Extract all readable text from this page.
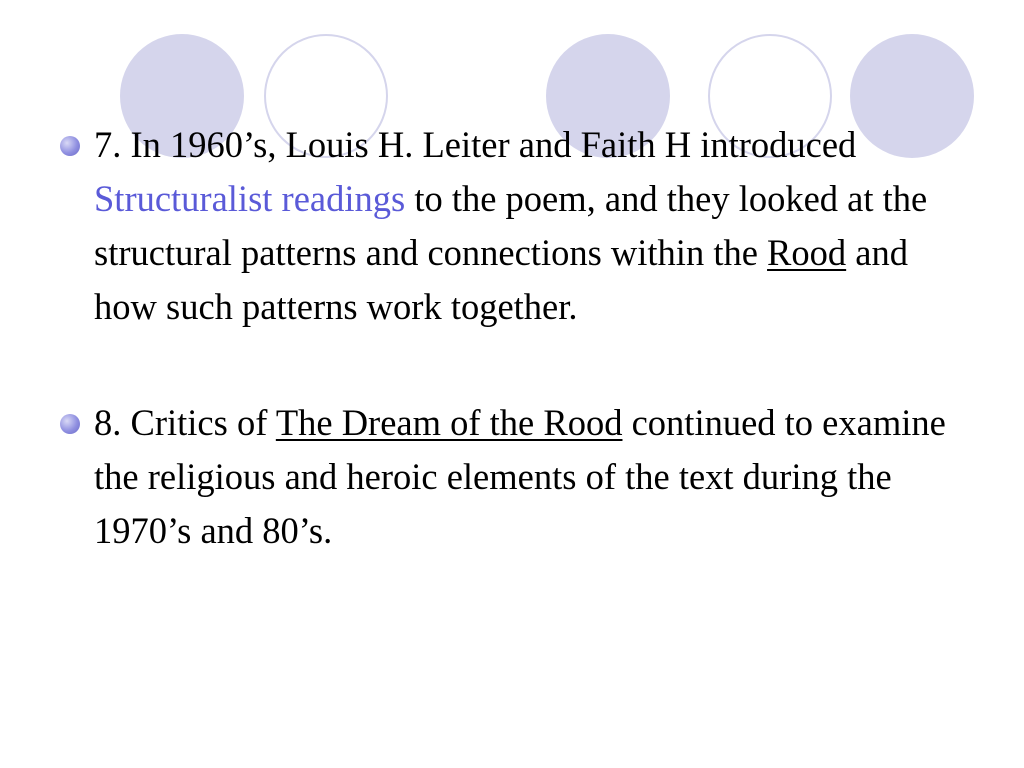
7. In 1960’s, Louis H. Leiter and Faith H introduced Structuralist readings to the poem, and they looked at the structural patterns and connections within the Rood and how such patterns work together.
8. Critics of The Dream of the Rood continued to examine the religious and heroic elements of the text during the 1970’s and 80’s.
